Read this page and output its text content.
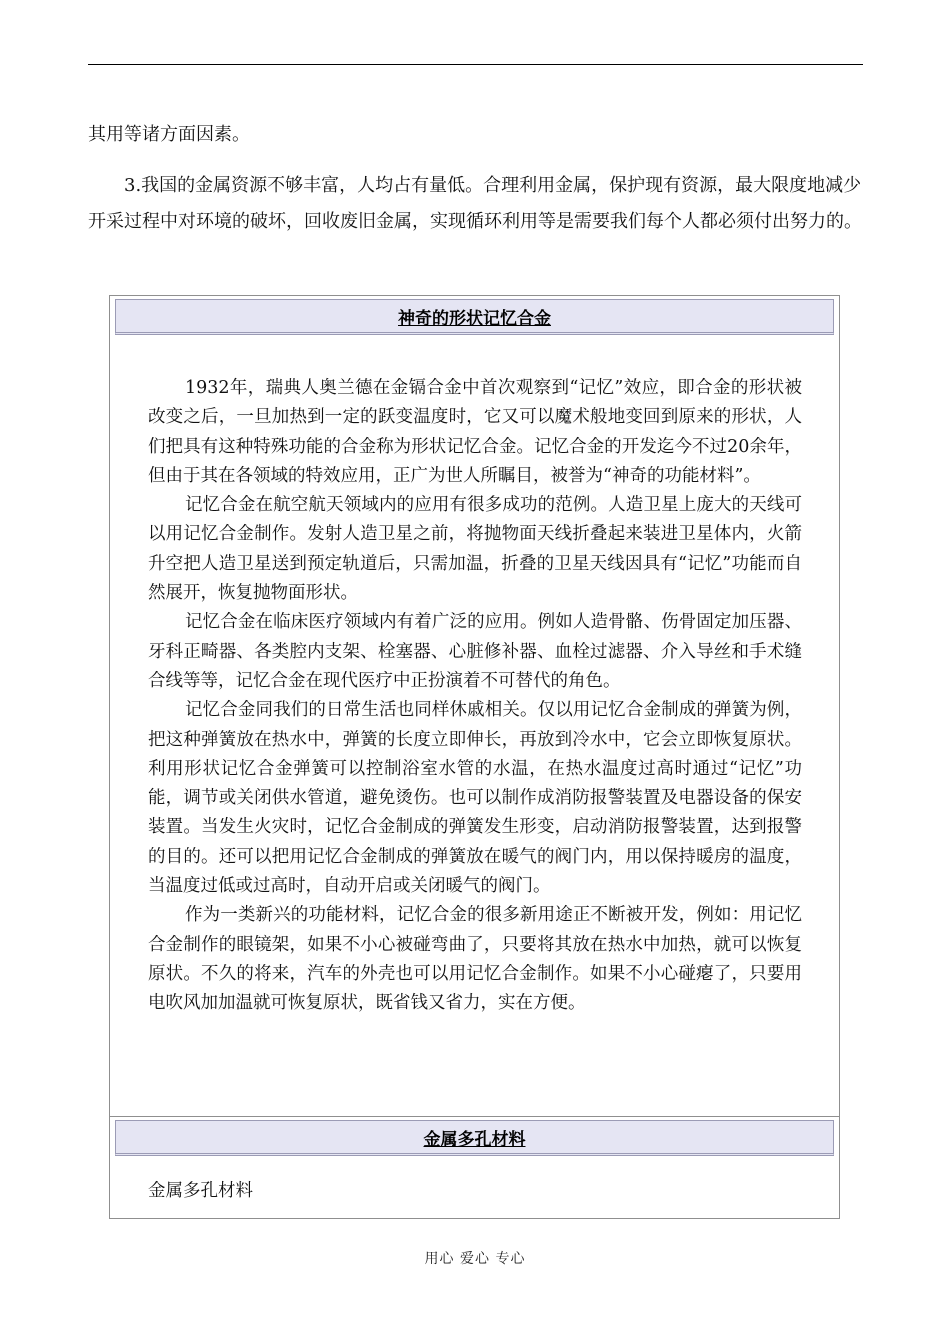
其用等诸方面因素。

3.我国的金属资源不够丰富，人均占有量低。合理利用金属，保护现有资源，最大限度地减少开采过程中对环境的破坏，回收废旧金属，实现循环利用等是需要我们每个人都必须付出努力的。

神奇的形状记忆合金

1932年，瑞典人奥兰德在金镉合金中首次观察到“记忆”效应，即合金的形状被改变之后，一旦加热到一定的跃变温度时，它又可以魔术般地变回到原来的形状，人们把具有这种特殊功能的合金称为形状记忆合金。记忆合金的开发迄今不过20余年，但由于其在各领域的特效应用，正广为世人所瞩目，被誉为“神奇的功能材料”。

记忆合金在航空航天领域内的应用有很多成功的范例。人造卫星上庞大的天线可以用记忆合金制作。发射人造卫星之前，将抛物面天线折叠起来装进卫星体内，火箭升空把人造卫星送到预定轨道后，只需加温，折叠的卫星天线因具有“记忆”功能而自然展开，恢复抛物面形状。

记忆合金在临床医疗领域内有着广泛的应用。例如人造骨骼、伤骨固定加压器、牙科正畸器、各类腔内支架、栓塞器、心脏修补器、血栓过滤器、介入导丝和手术缝合线等等，记忆合金在现代医疗中正扮演着不可替代的角色。

记忆合金同我们的日常生活也同样休戚相关。仅以用记忆合金制成的弹簧为例，把这种弹簧放在热水中，弹簧的长度立即伸长，再放到冷水中，它会立即恢复原状。利用形状记忆合金弹簧可以控制浴室水管的水温，在热水温度过高时通过“记忆”功能，调节或关闭供水管道，避免烫伤。也可以制作成消防报警装置及电器设备的保安装置。当发生火灾时，记忆合金制成的弹簧发生形变，启动消防报警装置，达到报警的目的。还可以把用记忆合金制成的弹簧放在暖气的阀门内，用以保持暖房的温度，当温度过低或过高时，自动开启或关闭暖气的阀门。

作为一类新兴的功能材料，记忆合金的很多新用途正不断被开发，例如：用记忆合金制作的眼镜架，如果不小心被碰弯曲了，只要将其放在热水中加热，就可以恢复原状。不久的将来，汽车的外壳也可以用记忆合金制作。如果不小心碰瘪了，只要用电吹风加加温就可恢复原状，既省钱又省力，实在方便。

金属多孔材料

金属多孔材料

用心 爱心 专心
